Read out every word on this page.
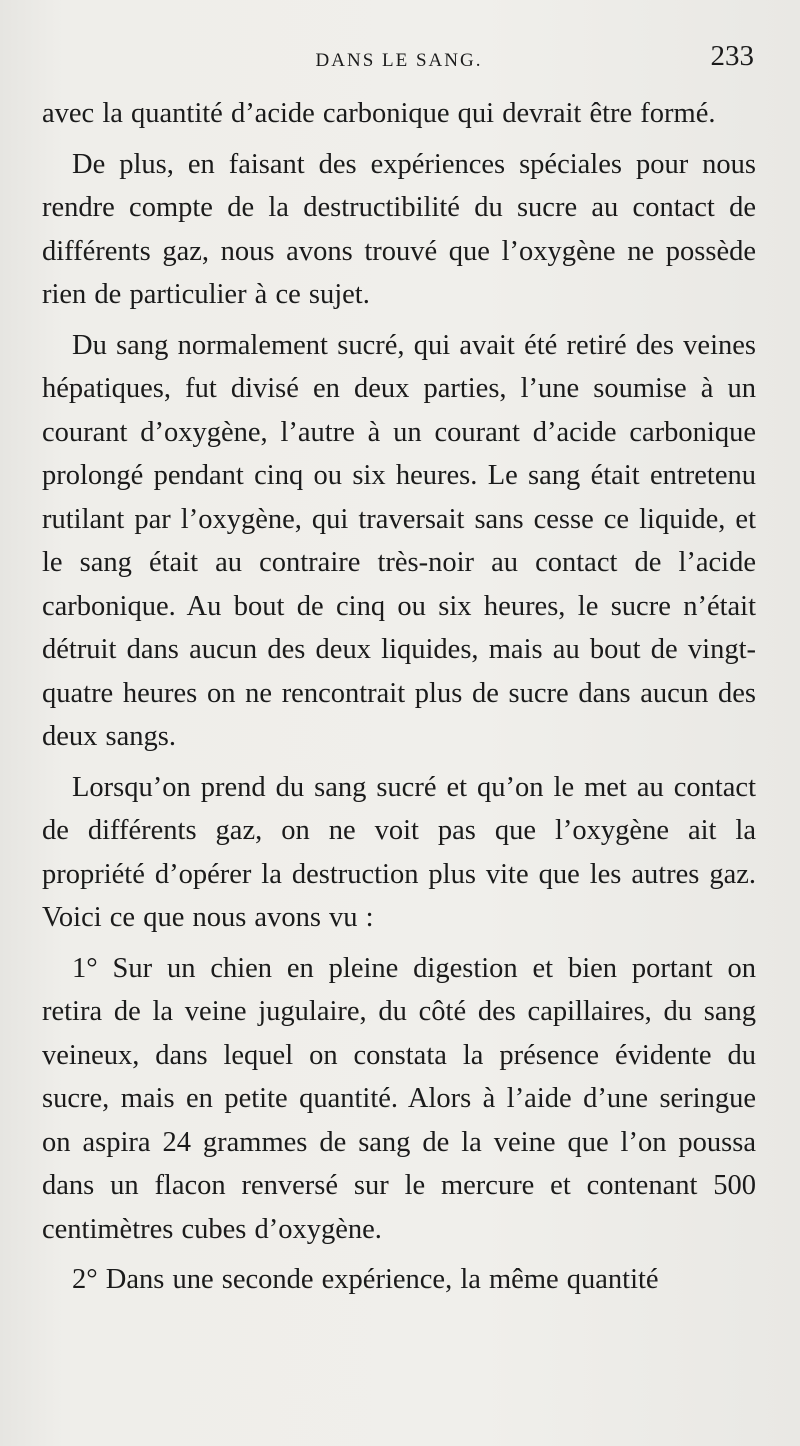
DANS LE SANG.	233

avec la quantité d’acide carbonique qui devrait être formé.

De plus, en faisant des expériences spéciales pour nous rendre compte de la destructibilité du sucre au contact de différents gaz, nous avons trouvé que l’oxygène ne possède rien de particulier à ce sujet.

Du sang normalement sucré, qui avait été retiré des veines hépatiques, fut divisé en deux parties, l’une soumise à un courant d’oxygène, l’autre à un courant d’acide carbonique prolongé pendant cinq ou six heures. Le sang était entretenu rutilant par l’oxygène, qui traversait sans cesse ce liquide, et le sang était au contraire très-noir au contact de l’acide carbonique. Au bout de cinq ou six heures, le sucre n’était détruit dans aucun des deux liquides, mais au bout de vingt-quatre heures on ne rencontrait plus de sucre dans aucun des deux sangs.

Lorsqu’on prend du sang sucré et qu’on le met au contact de différents gaz, on ne voit pas que l’oxygène ait la propriété d’opérer la destruction plus vite que les autres gaz. Voici ce que nous avons vu :

1° Sur un chien en pleine digestion et bien portant on retira de la veine jugulaire, du côté des capillaires, du sang veineux, dans lequel on constata la présence évidente du sucre, mais en petite quantité. Alors à l’aide d’une seringue on aspira 24 grammes de sang de la veine que l’on poussa dans un flacon renversé sur le mercure et contenant 500 centimètres cubes d’oxygène.

2° Dans une seconde expérience, la même quantité
